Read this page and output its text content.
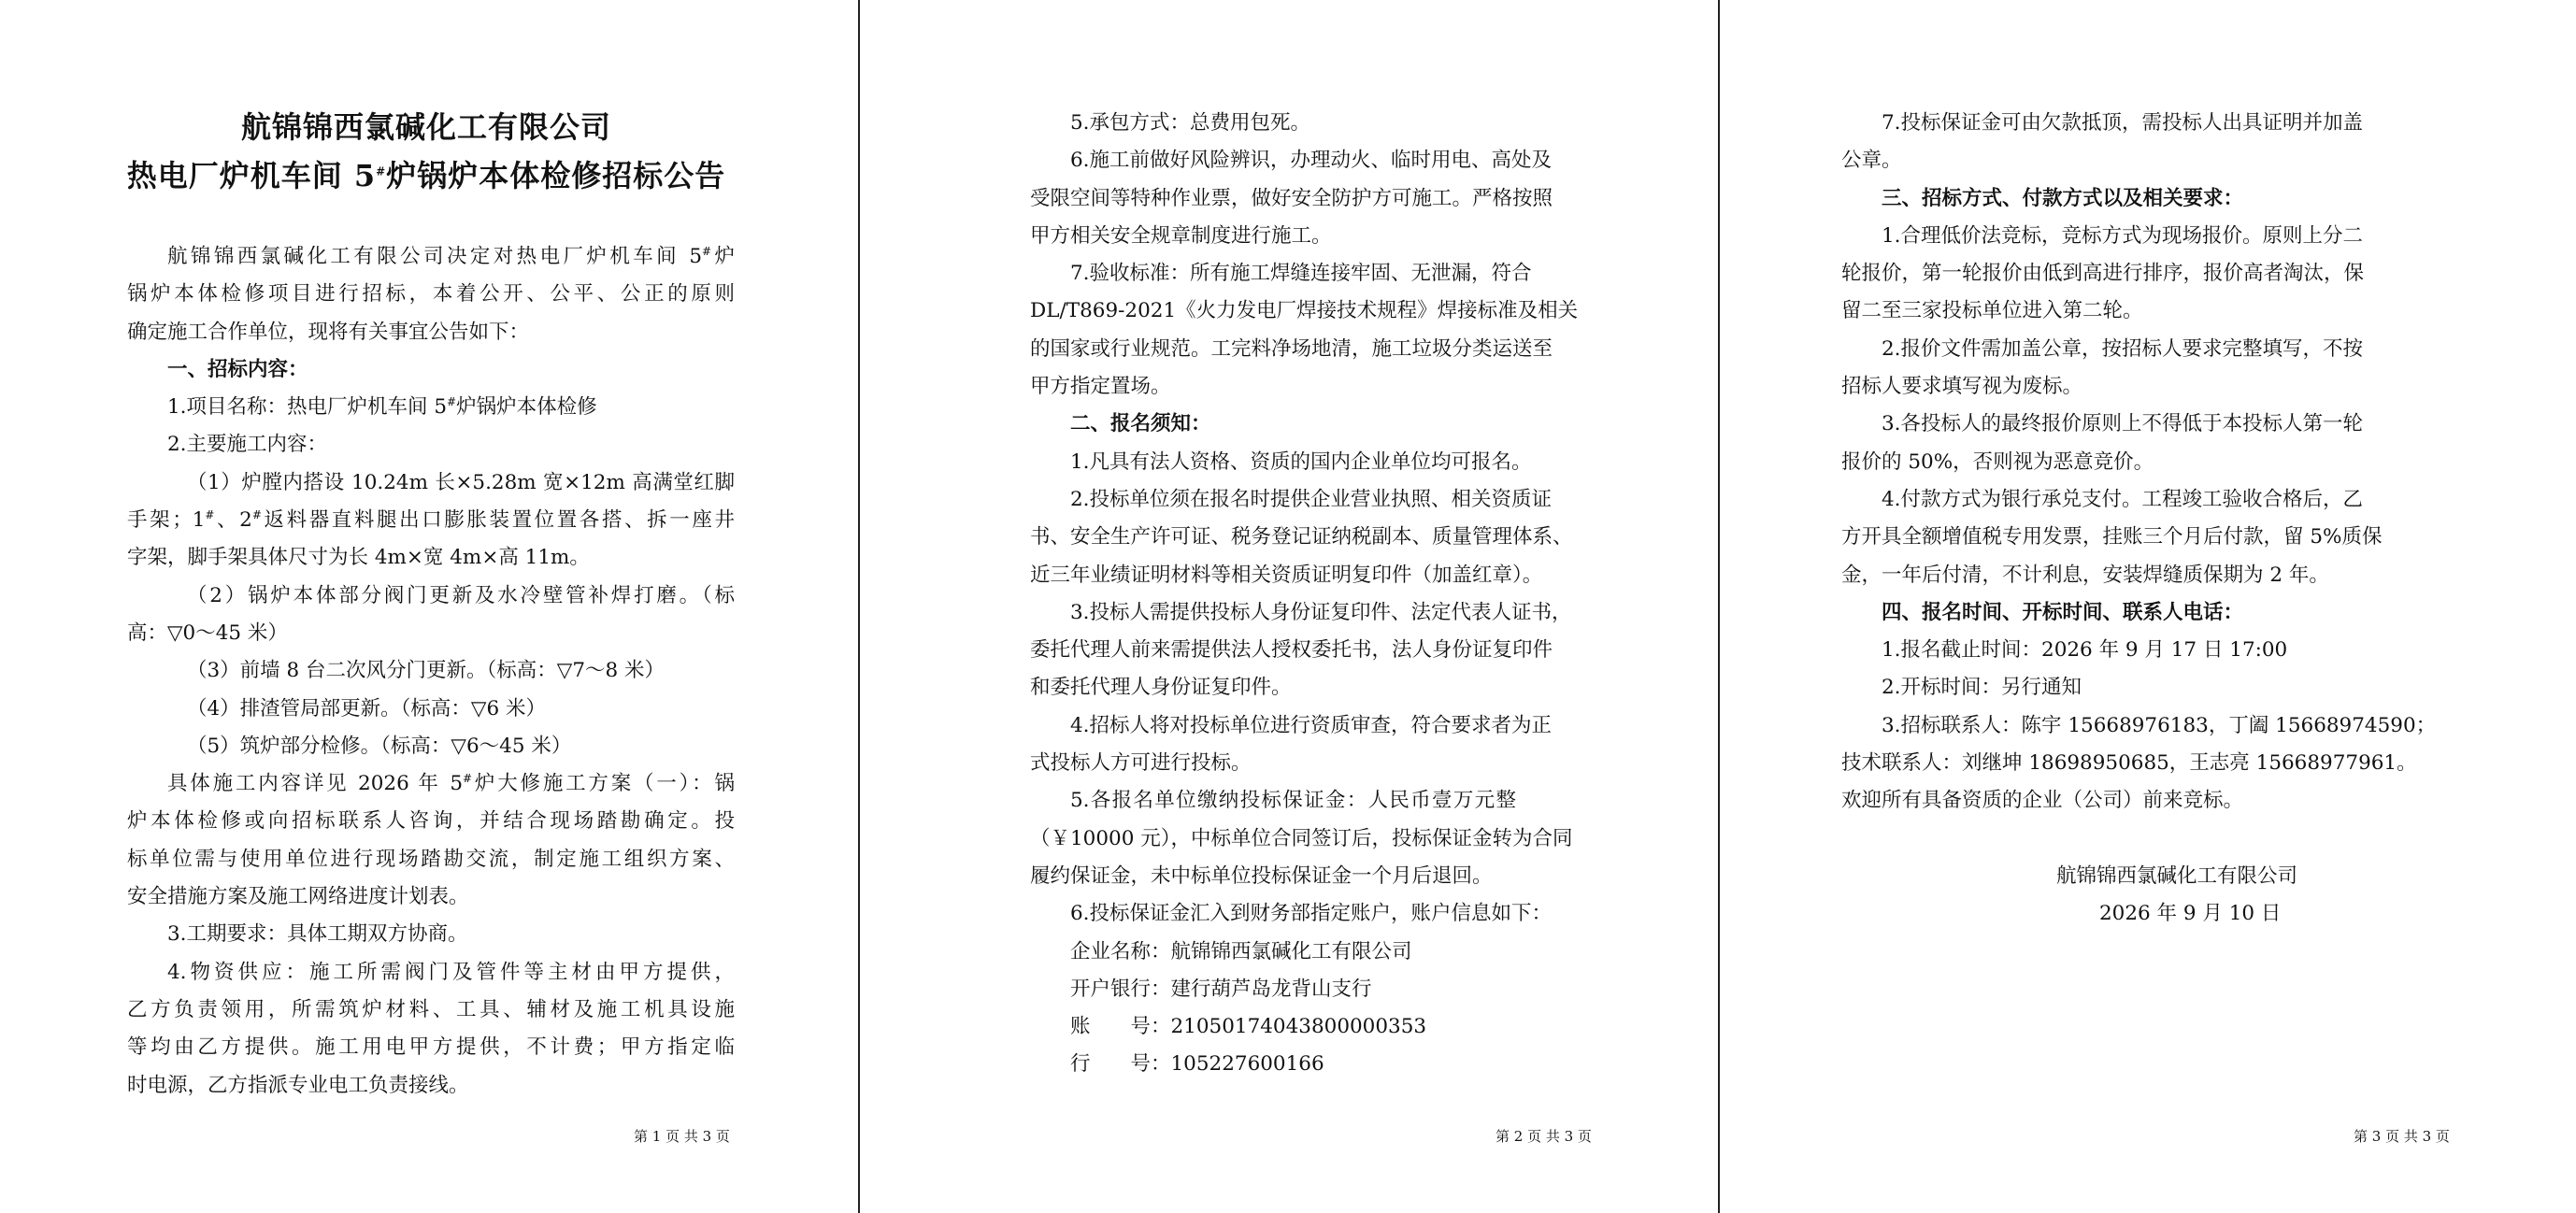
航锦锦西氯碱化工有限公司
热电厂炉机车间 5#炉锅炉本体检修招标公告
航锦锦西氯碱化工有限公司决定对热电厂炉机车间 5#炉
锅炉本体检修项目进行招标，本着公开、公平、公正的原则
确定施工合作单位，现将有关事宜公告如下：
一、招标内容：
1.项目名称：热电厂炉机车间 5#炉锅炉本体检修
2.主要施工内容：
（1）炉膛内搭设 10.24m 长×5.28m 宽×12m 高满堂红脚
手架；1#、2#返料器直料腿出口膨胀装置位置各搭、拆一座井
字架，脚手架具体尺寸为长 4m×宽 4m×高 11m。
（2）锅炉本体部分阀门更新及水冷壁管补焊打磨。（标
高：▽0～45 米）
（3）前墙 8 台二次风分门更新。（标高：▽7～8 米）
（4）排渣管局部更新。（标高：▽6 米）
（5）筑炉部分检修。（标高：▽6～45 米）
具体施工内容详见 2026 年 5#炉大修施工方案（一）：锅
炉本体检修或向招标联系人咨询，并结合现场踏勘确定。投
标单位需与使用单位进行现场踏勘交流，制定施工组织方案、
安全措施方案及施工网络进度计划表。
3.工期要求：具体工期双方协商。
4.物资供应：施工所需阀门及管件等主材由甲方提供，
乙方负责领用，所需筑炉材料、工具、辅材及施工机具设施
等均由乙方提供。施工用电甲方提供，不计费；甲方指定临
时电源，乙方指派专业电工负责接线。
5.承包方式：总费用包死。
6.施工前做好风险辨识，办理动火、临时用电、高处及
受限空间等特种作业票，做好安全防护方可施工。严格按照
甲方相关安全规章制度进行施工。
7.验收标准：所有施工焊缝连接牢固、无泄漏，符合
DL/T869-2021《火力发电厂焊接技术规程》焊接标准及相关
的国家或行业规范。工完料净场地清，施工垃圾分类运送至
甲方指定置场。
二、报名须知：
1.凡具有法人资格、资质的国内企业单位均可报名。
2.投标单位须在报名时提供企业营业执照、相关资质证
书、安全生产许可证、税务登记证纳税副本、质量管理体系、
近三年业绩证明材料等相关资质证明复印件（加盖红章）。
3.投标人需提供投标人身份证复印件、法定代表人证书，
委托代理人前来需提供法人授权委托书，法人身份证复印件
和委托代理人身份证复印件。
4.招标人将对投标单位进行资质审查，符合要求者为正
式投标人方可进行投标。
5.各报名单位缴纳投标保证金：人民币壹万元整
（￥10000 元），中标单位合同签订后，投标保证金转为合同
履约保证金，未中标单位投标保证金一个月后退回。
6.投标保证金汇入到财务部指定账户，账户信息如下：
企业名称：航锦锦西氯碱化工有限公司
开户银行：建行葫芦岛龙背山支行
账　　号：21050174043800000353
行　　号：105227600166
7.投标保证金可由欠款抵顶，需投标人出具证明并加盖
公章。
三、招标方式、付款方式以及相关要求：
1.合理低价法竞标，竞标方式为现场报价。原则上分二
轮报价，第一轮报价由低到高进行排序，报价高者淘汰，保
留二至三家投标单位进入第二轮。
2.报价文件需加盖公章，按招标人要求完整填写，不按
招标人要求填写视为废标。
3.各投标人的最终报价原则上不得低于本投标人第一轮
报价的 50%，否则视为恶意竞价。
4.付款方式为银行承兑支付。工程竣工验收合格后，乙
方开具全额增值税专用发票，挂账三个月后付款，留 5%质保
金，一年后付清，不计利息，安装焊缝质保期为 2 年。
四、报名时间、开标时间、联系人电话：
1.报名截止时间：2026 年 9 月 17 日 17:00
2.开标时间：另行通知
3.招标联系人：陈宇 15668976183，丁阖 15668974590；
技术联系人：刘继坤 18698950685，王志亮 15668977961。
欢迎所有具备资质的企业（公司）前来竞标。
航锦锦西氯碱化工有限公司
2026 年 9 月 10 日
第 1 页 共 3 页	第 2 页 共 3 页	第 3 页 共 3 页
